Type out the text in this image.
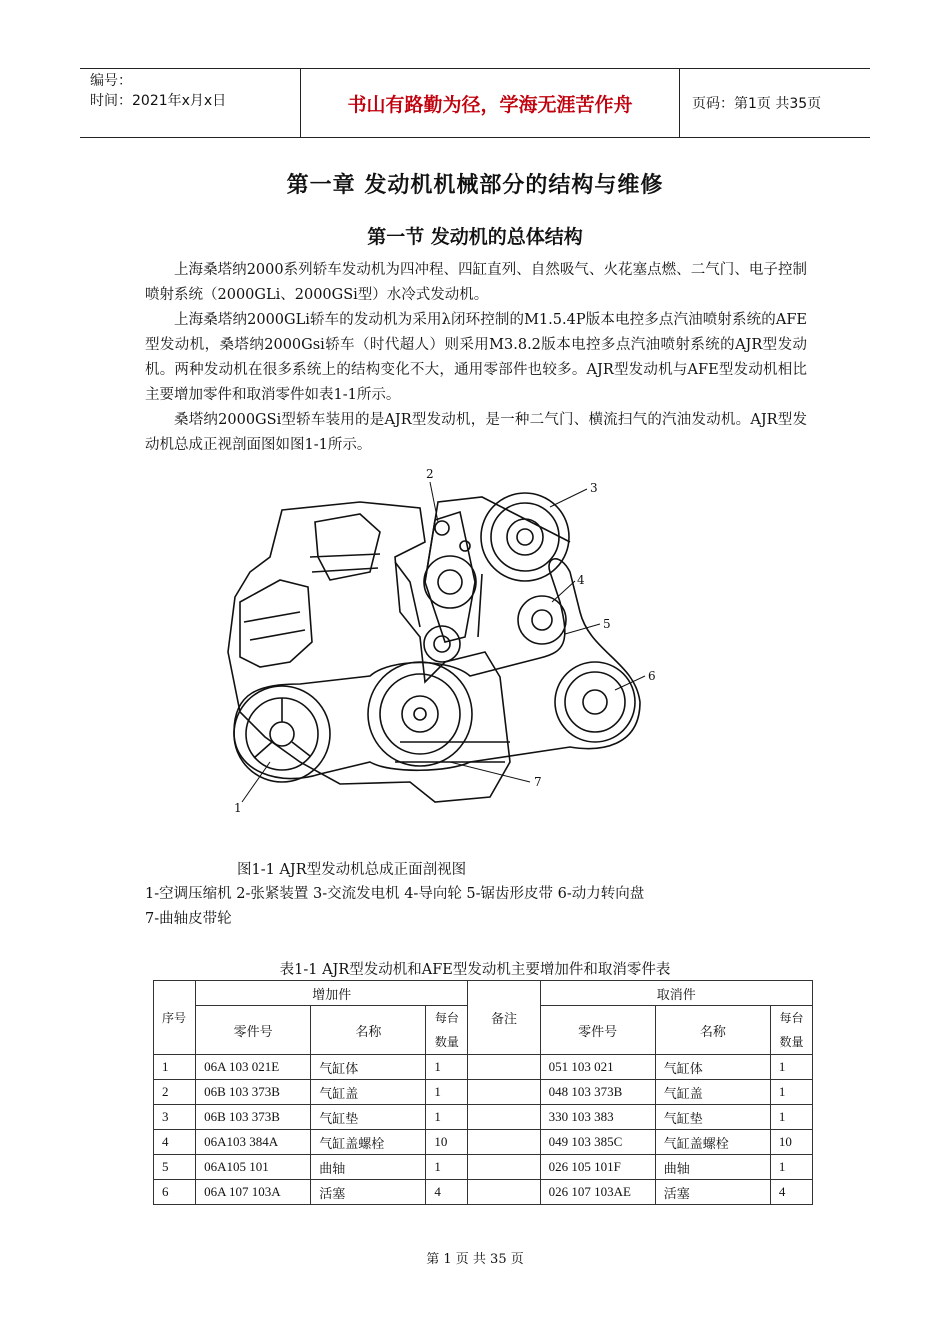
编号：
时间：2021年x月x日	书山有路勤为径，学海无涯苦作舟	页码：第1页 共35页
第一章 发动机机械部分的结构与维修
第一节 发动机的总体结构
上海桑塔纳2000系列轿车发动机为四冲程、四缸直列、自然吸气、火花塞点燃、二气门、电子控制喷射系统（2000GLi、2000GSi型）水冷式发动机。
上海桑塔纳2000GLi轿车的发动机为采用λ闭环控制的M1.5.4P版本电控多点汽油喷射系统的AFE型发动机，桑塔纳2000Gsi轿车（时代超人）则采用M3.8.2版本电控多点汽油喷射系统的AJR型发动机。两种发动机在很多系统上的结构变化不大，通用零部件也较多。AJR型发动机与AFE型发动机相比主要增加零件和取消零件如表1-1所示。
桑塔纳2000GSi型轿车装用的是AJR型发动机，是一种二气门、横流扫气的汽油发动机。AJR型发动机总成正视剖面图如图1-1所示。
2
3
4
5
6
7
1
图1-1 AJR型发动机总成正面剖视图
1-空调压缩机 2-张紧装置 3-交流发电机 4-导向轮 5-锯齿形皮带 6-动力转向盘
7-曲轴皮带轮
表1-1 AJR型发动机和AFE型发动机主要增加件和取消零件表
序号	增加件			备注	取消件		
	零件号	名称	每台数量		零件号	名称	每台数量
1	06A 103 021E	气缸体	1		051 103 021	气缸体	1
2	06B 103 373B	气缸盖	1		048 103 373B	气缸盖	1
3	06B 103 373B	气缸垫	1		330 103 383	气缸垫	1
4	06A103 384A	气缸盖螺栓	10		049 103 385C	气缸盖螺栓	10
5	06A105 101	曲轴	1		026 105 101F	曲轴	1
6	06A 107 103A	活塞	4		026 107 103AE	活塞	4
第 1 页 共 35 页
